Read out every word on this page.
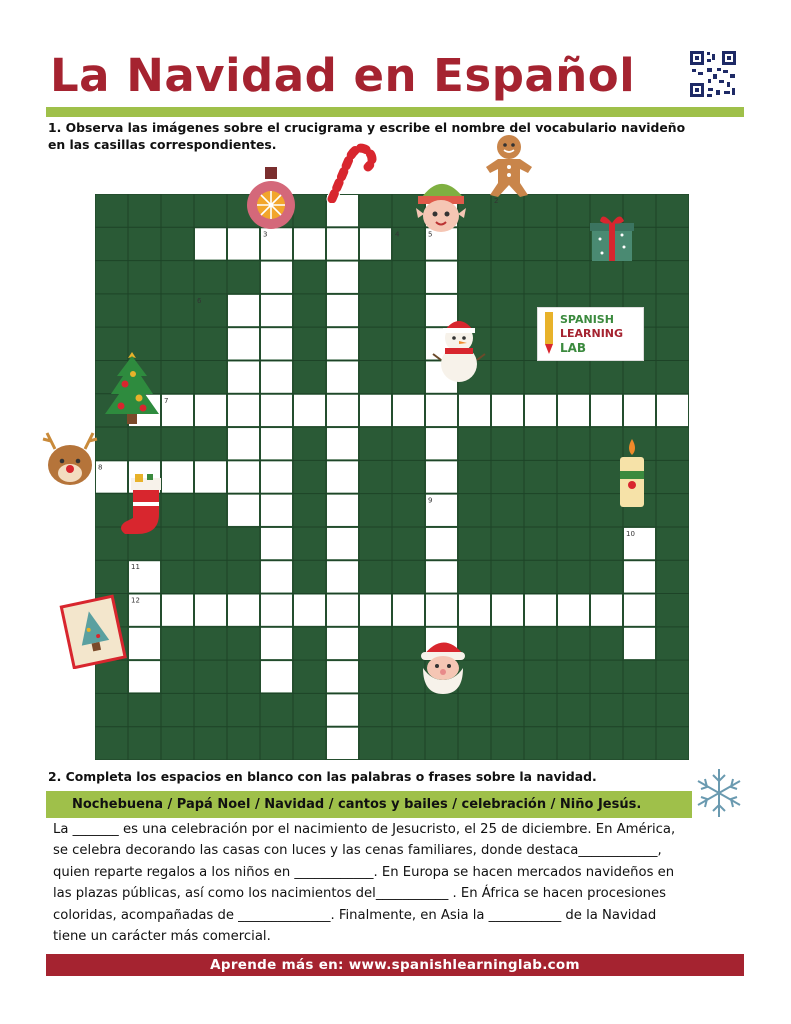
La Navidad en Español
1. Observa las imágenes sobre el crucigrama y escribe el nombre del vocabulario navideño
en las casillas correspondientes.
2
3	4	5
6
7
8
9
10
11
12
SPANISH
LEARNING
LAB
2. Completa los espacios en blanco con las palabras o frases sobre la navidad.
Nochebuena / Papá Noel / Navidad / cantos y bailes / celebración / Niño Jesús.

La _______ es una celebración por el nacimiento de Jesucristo, el 25 de diciembre. En América,

se celebra decorando las casas con luces y las cenas familiares, donde destaca____________,

quien reparte regalos a los niños en ____________. En Europa se hacen mercados navideños en

las plazas públicas, así como los nacimientos del___________ . En África se hacen procesiones

coloridas, acompañadas de ______________. Finalmente, en Asia la ___________ de la Navidad

tiene un carácter más comercial.

Aprende más en: www.spanishlearninglab.com
